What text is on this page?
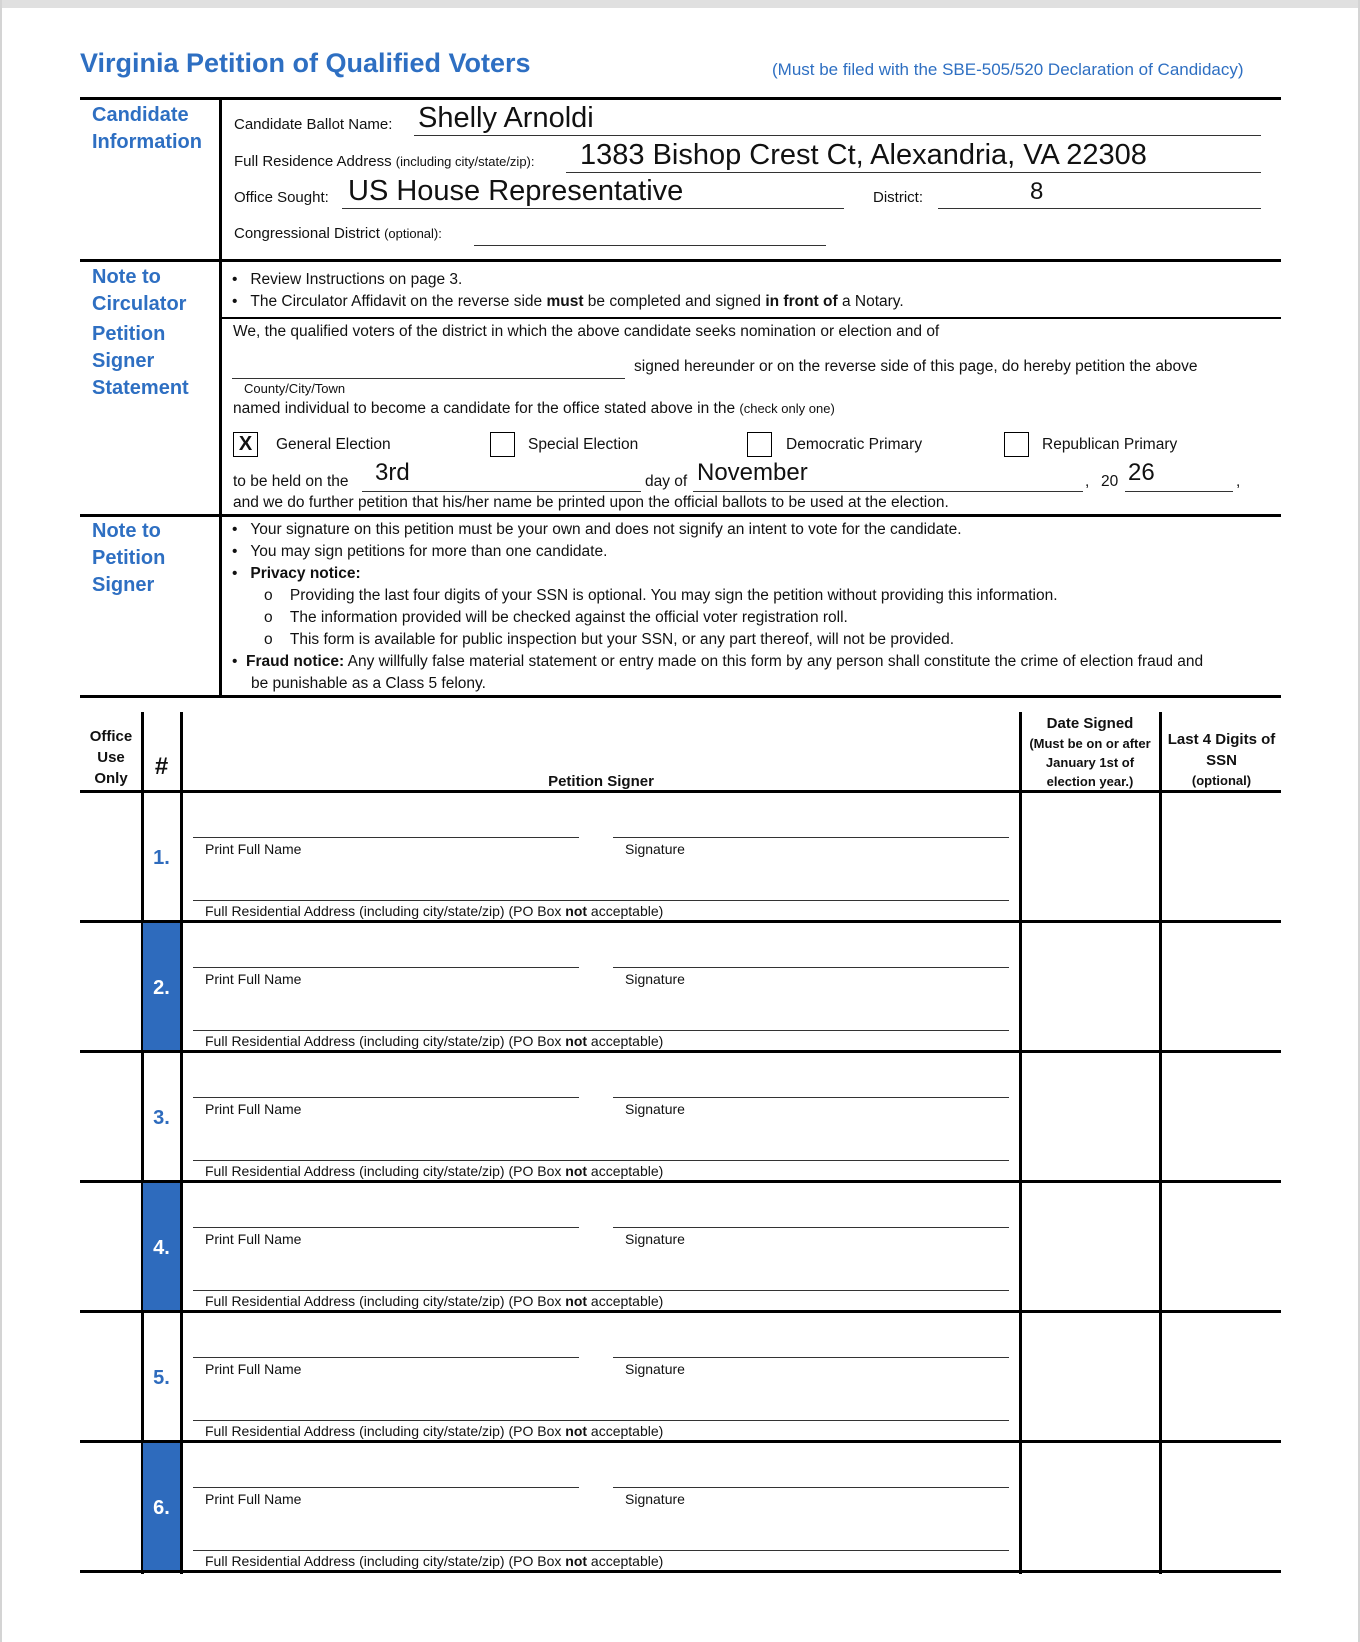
Virginia Petition of Qualified Voters	(Must be filed with the SBE-505/520 Declaration of Candidacy)
Candidate Information
Candidate Ballot Name: Shelly Arnoldi
Full Residence Address (including city/state/zip): 1383 Bishop Crest Ct, Alexandria, VA 22308
Office Sought: US House Representative	District:	8
Congressional District (optional):
Note to Circulator
•   Review Instructions on page 3.
•   The Circulator Affidavit on the reverse side must be completed and signed in front of a Notary.
Petition Signer Statement
We, the qualified voters of the district in which the above candidate seeks nomination or election and of
County/City/Town
signed hereunder or on the reverse side of this page, do hereby petition the above
named individual to become a candidate for the office stated above in the (check only one)
X	General Election	Special Election	Democratic Primary	Republican Primary
to be held on the 3rd	day of November	, 20 26	,
and we do further petition that his/her name be printed upon the official ballots to be used at the election.
Note to Petition Signer
•   Your signature on this petition must be your own and does not signify an intent to vote for the candidate.
•   You may sign petitions for more than one candidate.
•   Privacy notice:
o    Providing the last four digits of your SSN is optional. You may sign the petition without providing this information.
o    The information provided will be checked against the official voter registration roll.
o    This form is available for public inspection but your SSN, or any part thereof, will not be provided.
•  Fraud notice: Any willfully false material statement or entry made on this form by any person shall constitute the crime of election fraud and
be punishable as a Class 5 felony.
Office Use Only	#
Petition Signer
Date Signed
(Must be on or after January 1st of election year.)
Last 4 Digits of SSN
(optional)
1.	Print Full Name	Signature
Full Residential Address (including city/state/zip) (PO Box not acceptable)
2.	Print Full Name	Signature
Full Residential Address (including city/state/zip) (PO Box not acceptable)
3.	Print Full Name	Signature
Full Residential Address (including city/state/zip) (PO Box not acceptable)
4.	Print Full Name	Signature
Full Residential Address (including city/state/zip) (PO Box not acceptable)
5.	Print Full Name	Signature
Full Residential Address (including city/state/zip) (PO Box not acceptable)
6.	Print Full Name	Signature
Full Residential Address (including city/state/zip) (PO Box not acceptable)
